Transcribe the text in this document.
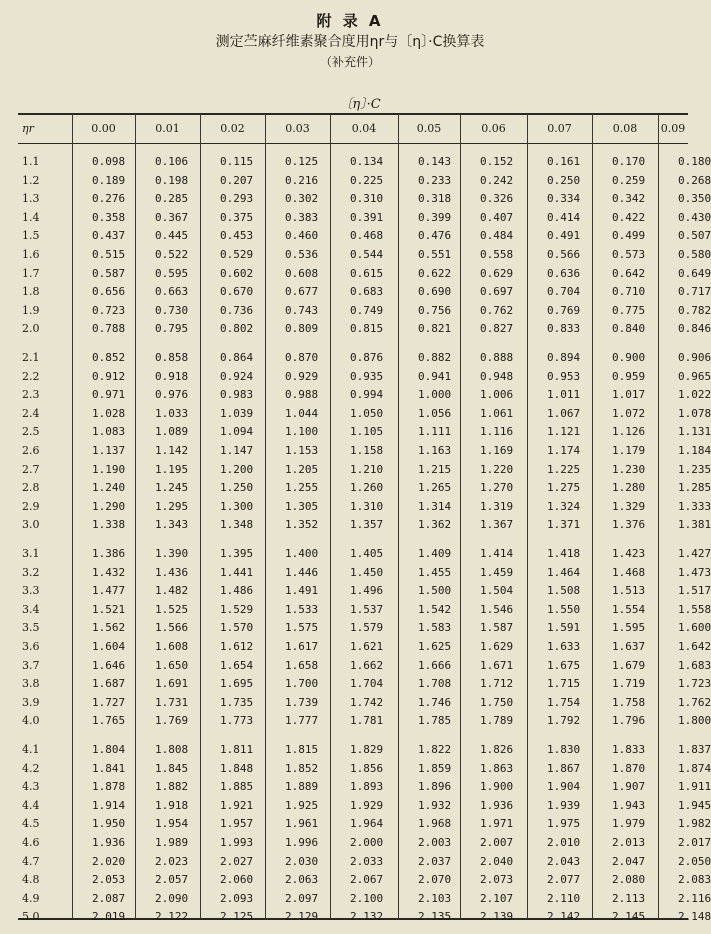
附 录 A
测定苎麻纤维素聚合度用ηr与〔η〕·C换算表
（补充件）
〔η〕·C
ηr	0.00	0.01	0.02	0.03	0.04	0.05	0.06	0.07	0.08	0.09
1.1	0.098	0.106	0.115	0.125	0.134	0.143	0.152	0.161	0.170	0.180
1.2	0.189	0.198	0.207	0.216	0.225	0.233	0.242	0.250	0.259	0.268
1.3	0.276	0.285	0.293	0.302	0.310	0.318	0.326	0.334	0.342	0.350
1.4	0.358	0.367	0.375	0.383	0.391	0.399	0.407	0.414	0.422	0.430
1.5	0.437	0.445	0.453	0.460	0.468	0.476	0.484	0.491	0.499	0.507
1.6	0.515	0.522	0.529	0.536	0.544	0.551	0.558	0.566	0.573	0.580
1.7	0.587	0.595	0.602	0.608	0.615	0.622	0.629	0.636	0.642	0.649
1.8	0.656	0.663	0.670	0.677	0.683	0.690	0.697	0.704	0.710	0.717
1.9	0.723	0.730	0.736	0.743	0.749	0.756	0.762	0.769	0.775	0.782
2.0	0.788	0.795	0.802	0.809	0.815	0.821	0.827	0.833	0.840	0.846
2.1	0.852	0.858	0.864	0.870	0.876	0.882	0.888	0.894	0.900	0.906
2.2	0.912	0.918	0.924	0.929	0.935	0.941	0.948	0.953	0.959	0.965
2.3	0.971	0.976	0.983	0.988	0.994	1.000	1.006	1.011	1.017	1.022
2.4	1.028	1.033	1.039	1.044	1.050	1.056	1.061	1.067	1.072	1.078
2.5	1.083	1.089	1.094	1.100	1.105	1.111	1.116	1.121	1.126	1.131
2.6	1.137	1.142	1.147	1.153	1.158	1.163	1.169	1.174	1.179	1.184
2.7	1.190	1.195	1.200	1.205	1.210	1.215	1.220	1.225	1.230	1.235
2.8	1.240	1.245	1.250	1.255	1.260	1.265	1.270	1.275	1.280	1.285
2.9	1.290	1.295	1.300	1.305	1.310	1.314	1.319	1.324	1.329	1.333
3.0	1.338	1.343	1.348	1.352	1.357	1.362	1.367	1.371	1.376	1.381
3.1	1.386	1.390	1.395	1.400	1.405	1.409	1.414	1.418	1.423	1.427
3.2	1.432	1.436	1.441	1.446	1.450	1.455	1.459	1.464	1.468	1.473
3.3	1.477	1.482	1.486	1.491	1.496	1.500	1.504	1.508	1.513	1.517
3.4	1.521	1.525	1.529	1.533	1.537	1.542	1.546	1.550	1.554	1.558
3.5	1.562	1.566	1.570	1.575	1.579	1.583	1.587	1.591	1.595	1.600
3.6	1.604	1.608	1.612	1.617	1.621	1.625	1.629	1.633	1.637	1.642
3.7	1.646	1.650	1.654	1.658	1.662	1.666	1.671	1.675	1.679	1.683
3.8	1.687	1.691	1.695	1.700	1.704	1.708	1.712	1.715	1.719	1.723
3.9	1.727	1.731	1.735	1.739	1.742	1.746	1.750	1.754	1.758	1.762
4.0	1.765	1.769	1.773	1.777	1.781	1.785	1.789	1.792	1.796	1.800
4.1	1.804	1.808	1.811	1.815	1.829	1.822	1.826	1.830	1.833	1.837
4.2	1.841	1.845	1.848	1.852	1.856	1.859	1.863	1.867	1.870	1.874
4.3	1.878	1.882	1.885	1.889	1.893	1.896	1.900	1.904	1.907	1.911
4.4	1.914	1.918	1.921	1.925	1.929	1.932	1.936	1.939	1.943	1.945
4.5	1.950	1.954	1.957	1.961	1.964	1.968	1.971	1.975	1.979	1.982
4.6	1.936	1.989	1.993	1.996	2.000	2.003	2.007	2.010	2.013	2.017
4.7	2.020	2.023	2.027	2.030	2.033	2.037	2.040	2.043	2.047	2.050
4.8	2.053	2.057	2.060	2.063	2.067	2.070	2.073	2.077	2.080	2.083
4.9	2.087	2.090	2.093	2.097	2.100	2.103	2.107	2.110	2.113	2.116
5.0	2.019	2.122	2.125	2.129	2.132	2.135	2.139	2.142	2.145	2.148
